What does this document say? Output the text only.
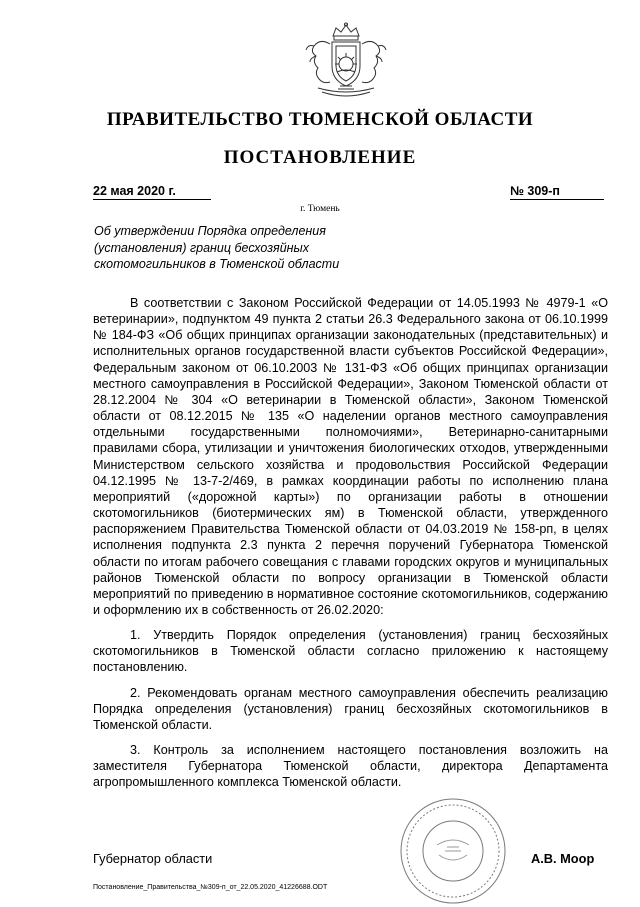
ПРАВИТЕЛЬСТВО ТЮМЕНСКОЙ ОБЛАСТИ
ПОСТАНОВЛЕНИЕ
22 мая 2020 г.	№ 309-п
г. Тюмень
Об утверждении Порядка определения
(установления) границ бесхозяйных
скотомогильников в Тюменской области

В соответствии с Законом Российской Федерации от 14.05.1993 № 4979-1 «О ветеринарии», подпунктом 49 пункта 2 статьи 26.3 Федерального закона от 06.10.1999 № 184-ФЗ «Об общих принципах организации законодательных (представительных) и исполнительных органов государственной власти субъектов Российской Федерации», Федеральным законом от 06.10.2003 № 131-ФЗ «Об общих принципах организации местного самоуправления в Российской Федерации», Законом Тюменской области от 28.12.2004 № 304 «О ветеринарии в Тюменской области», Законом Тюменской области от 08.12.2015 № 135 «О наделении органов местного самоуправления отдельными государственными полномочиями», Ветеринарно-санитарными правилами сбора, утилизации и уничтожения биологических отходов, утвержденными Министерством сельского хозяйства и продовольствия Российской Федерации 04.12.1995 № 13-7-2/469, в рамках координации работы по исполнению плана мероприятий («дорожной карты») по организации работы в отношении скотомогильников (биотермических ям) в Тюменской области, утвержденного распоряжением Правительства Тюменской области от 04.03.2019 № 158-рп, в целях исполнения подпункта 2.3 пункта 2 перечня поручений Губернатора Тюменской области по итогам рабочего совещания с главами городских округов и муниципальных районов Тюменской области по вопросу организации в Тюменской области мероприятий по приведению в нормативное состояние скотомогильников, содержанию и оформлению их в собственность от 26.02.2020:

1. Утвердить Порядок определения (установления) границ бесхозяйных скотомогильников в Тюменской области согласно приложению к настоящему постановлению.

2. Рекомендовать органам местного самоуправления обеспечить реализацию Порядка определения (установления) границ бесхозяйных скотомогильников в Тюменской области.

3. Контроль за исполнением настоящего постановления возложить на заместителя Губернатора Тюменской области, директора Департамента агропромышленного комплекса Тюменской области.

Губернатор области	А.В. Моор
Постановление_Правительства_№309-п_от_22.05.2020_41226688.ODT
